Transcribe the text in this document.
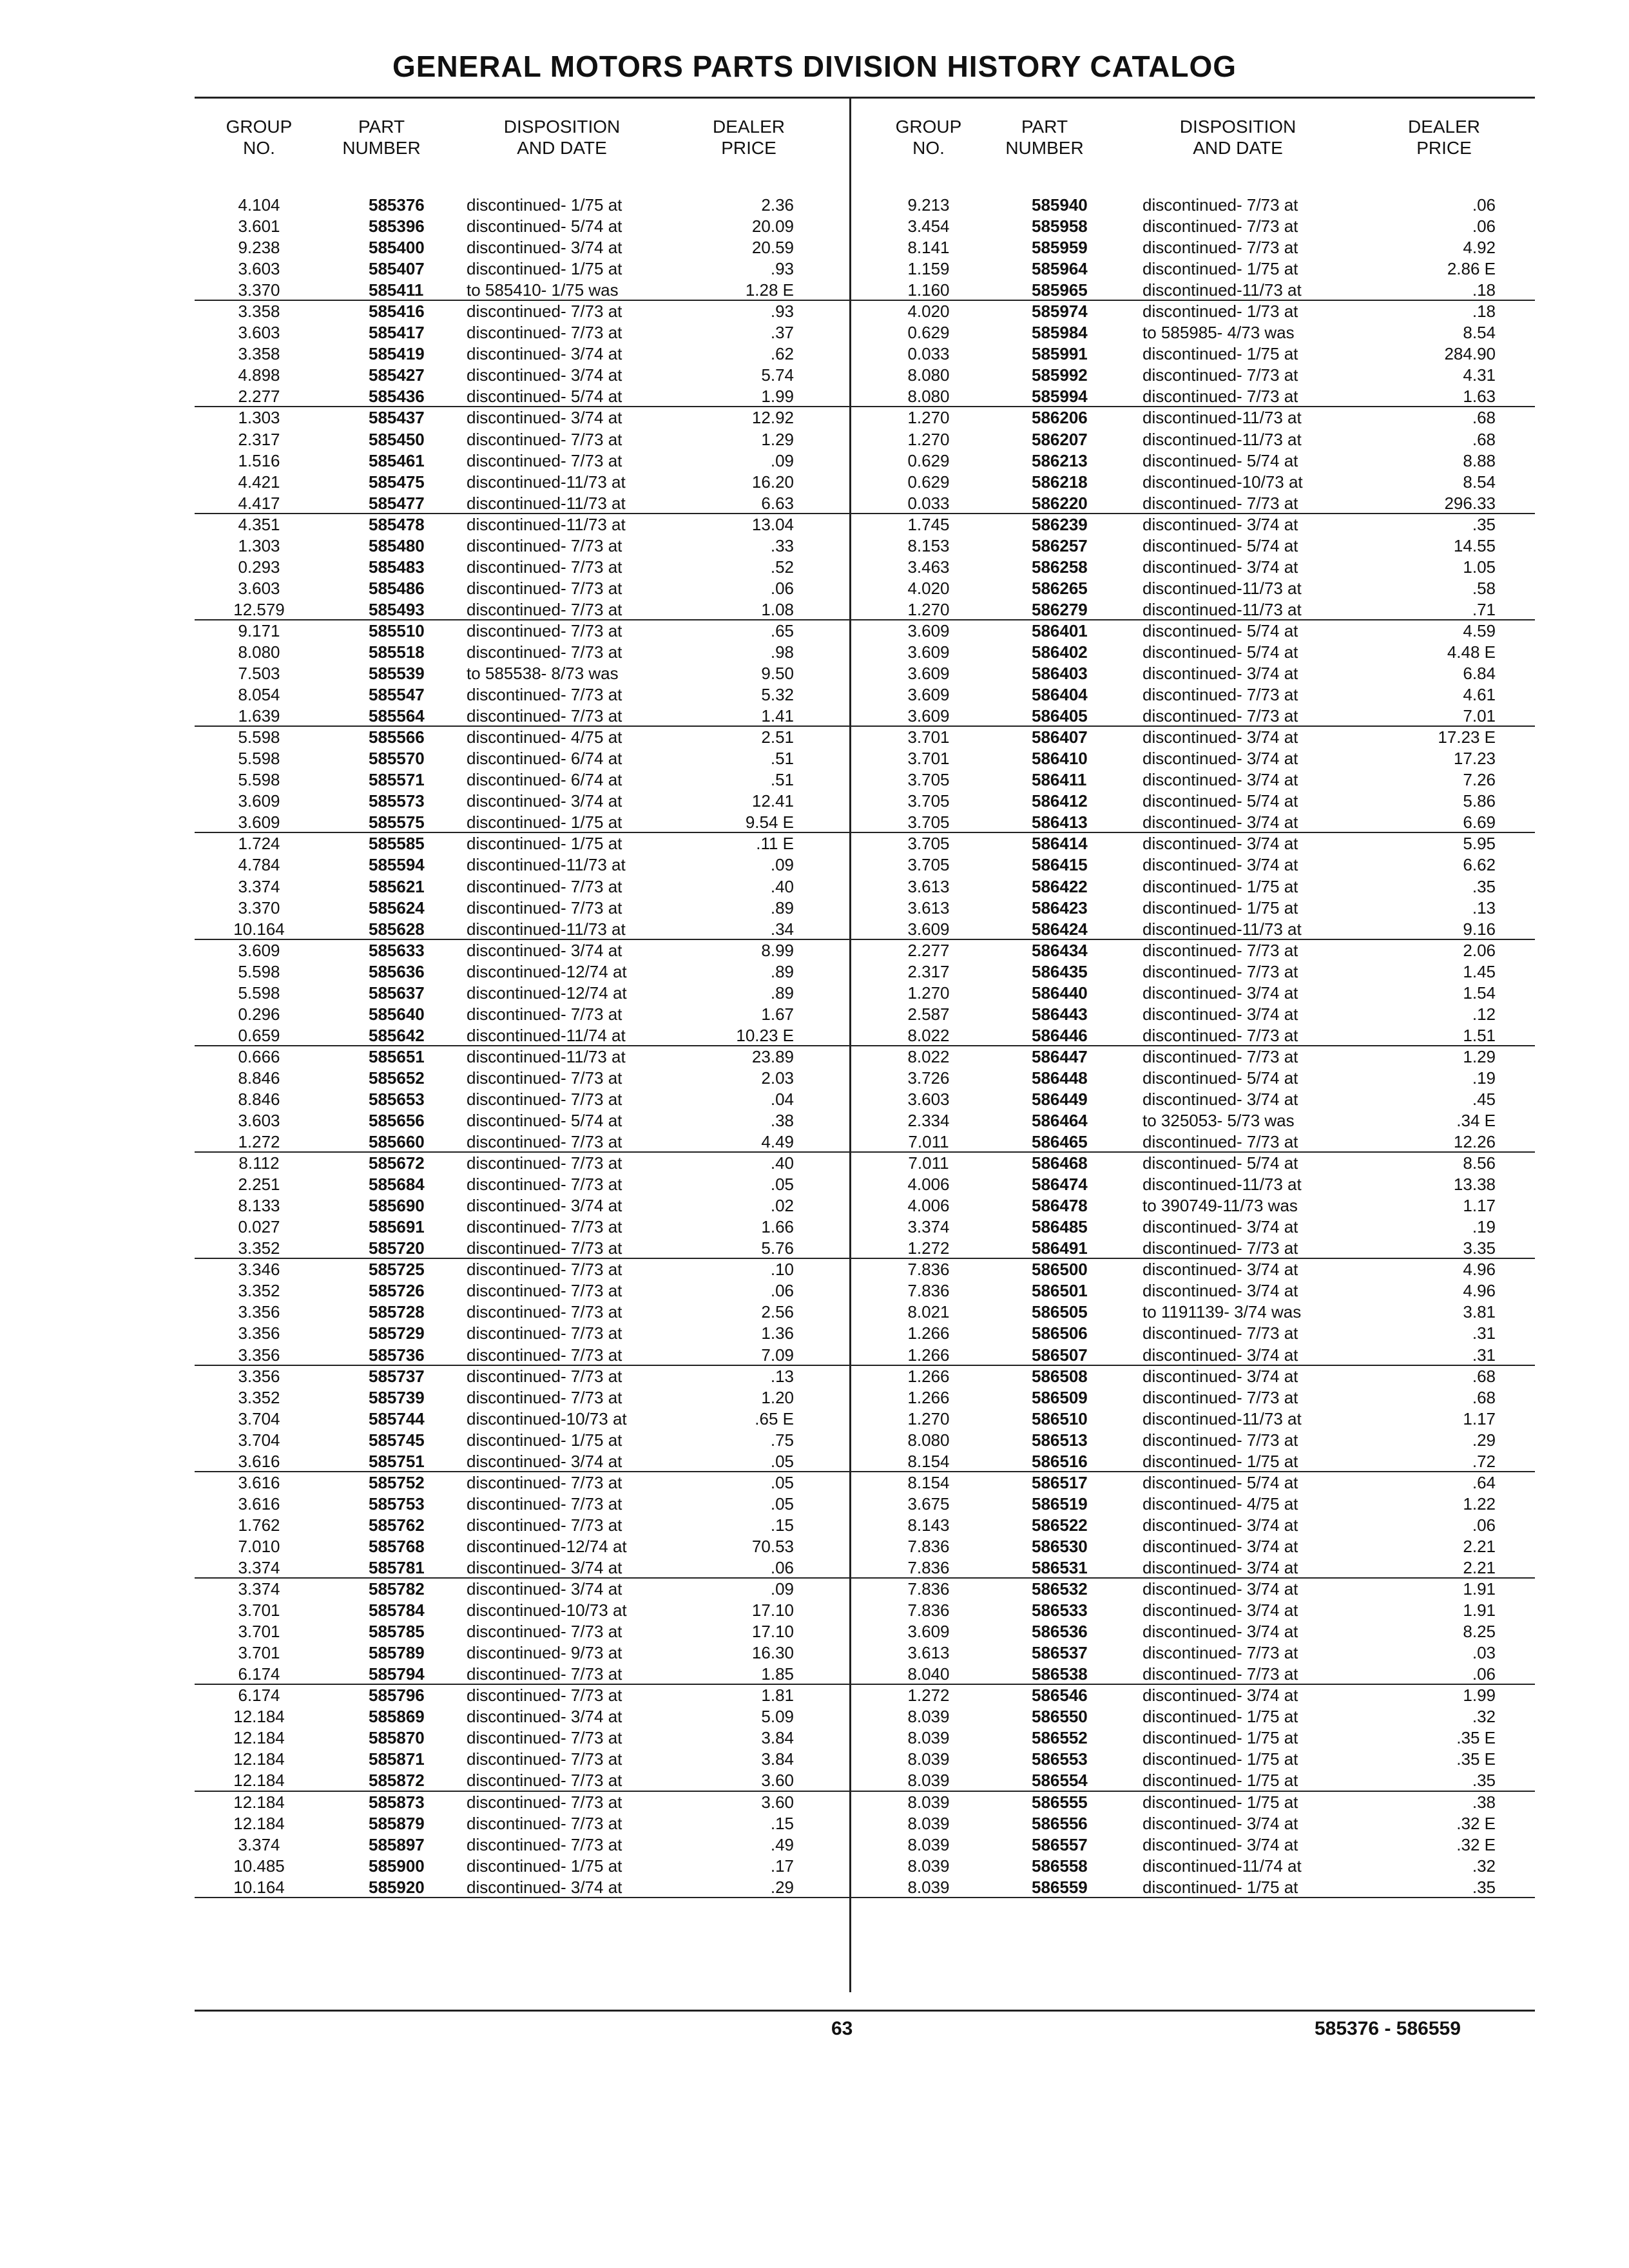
GENERAL MOTORS PARTS DIVISION HISTORY CATALOG
GROUP
NO.
PART
NUMBER
DISPOSITION
AND DATE
DEALER
PRICE
4.104	585376	discontinued- 1/75 at	2.36
3.601	585396	discontinued- 5/74 at	20.09
9.238	585400	discontinued- 3/74 at	20.59
3.603	585407	discontinued- 1/75 at	.93
3.370	585411	to 585410- 1/75 was	1.28 E
3.358	585416	discontinued- 7/73 at	.93
3.603	585417	discontinued- 7/73 at	.37
3.358	585419	discontinued- 3/74 at	.62
4.898	585427	discontinued- 3/74 at	5.74
2.277	585436	discontinued- 5/74 at	1.99
1.303	585437	discontinued- 3/74 at	12.92
2.317	585450	discontinued- 7/73 at	1.29
1.516	585461	discontinued- 7/73 at	.09
4.421	585475	discontinued-11/73 at	16.20
4.417	585477	discontinued-11/73 at	6.63
4.351	585478	discontinued-11/73 at	13.04
1.303	585480	discontinued- 7/73 at	.33
0.293	585483	discontinued- 7/73 at	.52
3.603	585486	discontinued- 7/73 at	.06
12.579	585493	discontinued- 7/73 at	1.08
9.171	585510	discontinued- 7/73 at	.65
8.080	585518	discontinued- 7/73 at	.98
7.503	585539	to 585538- 8/73 was	9.50
8.054	585547	discontinued- 7/73 at	5.32
1.639	585564	discontinued- 7/73 at	1.41
5.598	585566	discontinued- 4/75 at	2.51
5.598	585570	discontinued- 6/74 at	.51
5.598	585571	discontinued- 6/74 at	.51
3.609	585573	discontinued- 3/74 at	12.41
3.609	585575	discontinued- 1/75 at	9.54 E
1.724	585585	discontinued- 1/75 at	.11 E
4.784	585594	discontinued-11/73 at	.09
3.374	585621	discontinued- 7/73 at	.40
3.370	585624	discontinued- 7/73 at	.89
10.164	585628	discontinued-11/73 at	.34
3.609	585633	discontinued- 3/74 at	8.99
5.598	585636	discontinued-12/74 at	.89
5.598	585637	discontinued-12/74 at	.89
0.296	585640	discontinued- 7/73 at	1.67
0.659	585642	discontinued-11/74 at	10.23 E
0.666	585651	discontinued-11/73 at	23.89
8.846	585652	discontinued- 7/73 at	2.03
8.846	585653	discontinued- 7/73 at	.04
3.603	585656	discontinued- 5/74 at	.38
1.272	585660	discontinued- 7/73 at	4.49
8.112	585672	discontinued- 7/73 at	.40
2.251	585684	discontinued- 7/73 at	.05
8.133	585690	discontinued- 3/74 at	.02
0.027	585691	discontinued- 7/73 at	1.66
3.352	585720	discontinued- 7/73 at	5.76
3.346	585725	discontinued- 7/73 at	.10
3.352	585726	discontinued- 7/73 at	.06
3.356	585728	discontinued- 7/73 at	2.56
3.356	585729	discontinued- 7/73 at	1.36
3.356	585736	discontinued- 7/73 at	7.09
3.356	585737	discontinued- 7/73 at	.13
3.352	585739	discontinued- 7/73 at	1.20
3.704	585744	discontinued-10/73 at	.65 E
3.704	585745	discontinued- 1/75 at	.75
3.616	585751	discontinued- 3/74 at	.05
3.616	585752	discontinued- 7/73 at	.05
3.616	585753	discontinued- 7/73 at	.05
1.762	585762	discontinued- 7/73 at	.15
7.010	585768	discontinued-12/74 at	70.53
3.374	585781	discontinued- 3/74 at	.06
3.374	585782	discontinued- 3/74 at	.09
3.701	585784	discontinued-10/73 at	17.10
3.701	585785	discontinued- 7/73 at	17.10
3.701	585789	discontinued- 9/73 at	16.30
6.174	585794	discontinued- 7/73 at	1.85
6.174	585796	discontinued- 7/73 at	1.81
12.184	585869	discontinued- 3/74 at	5.09
12.184	585870	discontinued- 7/73 at	3.84
12.184	585871	discontinued- 7/73 at	3.84
12.184	585872	discontinued- 7/73 at	3.60
12.184	585873	discontinued- 7/73 at	3.60
12.184	585879	discontinued- 7/73 at	.15
3.374	585897	discontinued- 7/73 at	.49
10.485	585900	discontinued- 1/75 at	.17
10.164	585920	discontinued- 3/74 at	.29
GROUP
NO.
PART
NUMBER
DISPOSITION
AND DATE
DEALER
PRICE
9.213	585940	discontinued- 7/73 at	.06
3.454	585958	discontinued- 7/73 at	.06
8.141	585959	discontinued- 7/73 at	4.92
1.159	585964	discontinued- 1/75 at	2.86 E
1.160	585965	discontinued-11/73 at	.18
4.020	585974	discontinued- 1/73 at	.18
0.629	585984	to 585985- 4/73 was	8.54
0.033	585991	discontinued- 1/75 at	284.90
8.080	585992	discontinued- 7/73 at	4.31
8.080	585994	discontinued- 7/73 at	1.63
1.270	586206	discontinued-11/73 at	.68
1.270	586207	discontinued-11/73 at	.68
0.629	586213	discontinued- 5/74 at	8.88
0.629	586218	discontinued-10/73 at	8.54
0.033	586220	discontinued- 7/73 at	296.33
1.745	586239	discontinued- 3/74 at	.35
8.153	586257	discontinued- 5/74 at	14.55
3.463	586258	discontinued- 3/74 at	1.05
4.020	586265	discontinued-11/73 at	.58
1.270	586279	discontinued-11/73 at	.71
3.609	586401	discontinued- 5/74 at	4.59
3.609	586402	discontinued- 5/74 at	4.48 E
3.609	586403	discontinued- 3/74 at	6.84
3.609	586404	discontinued- 7/73 at	4.61
3.609	586405	discontinued- 7/73 at	7.01
3.701	586407	discontinued- 3/74 at	17.23 E
3.701	586410	discontinued- 3/74 at	17.23
3.705	586411	discontinued- 3/74 at	7.26
3.705	586412	discontinued- 5/74 at	5.86
3.705	586413	discontinued- 3/74 at	6.69
3.705	586414	discontinued- 3/74 at	5.95
3.705	586415	discontinued- 3/74 at	6.62
3.613	586422	discontinued- 1/75 at	.35
3.613	586423	discontinued- 1/75 at	.13
3.609	586424	discontinued-11/73 at	9.16
2.277	586434	discontinued- 7/73 at	2.06
2.317	586435	discontinued- 7/73 at	1.45
1.270	586440	discontinued- 3/74 at	1.54
2.587	586443	discontinued- 3/74 at	.12
8.022	586446	discontinued- 7/73 at	1.51
8.022	586447	discontinued- 7/73 at	1.29
3.726	586448	discontinued- 5/74 at	.19
3.603	586449	discontinued- 3/74 at	.45
2.334	586464	to 325053- 5/73 was	.34 E
7.011	586465	discontinued- 7/73 at	12.26
7.011	586468	discontinued- 5/74 at	8.56
4.006	586474	discontinued-11/73 at	13.38
4.006	586478	to 390749-11/73 was	1.17
3.374	586485	discontinued- 3/74 at	.19
1.272	586491	discontinued- 7/73 at	3.35
7.836	586500	discontinued- 3/74 at	4.96
7.836	586501	discontinued- 3/74 at	4.96
8.021	586505	to 1191139- 3/74 was	3.81
1.266	586506	discontinued- 7/73 at	.31
1.266	586507	discontinued- 3/74 at	.31
1.266	586508	discontinued- 3/74 at	.68
1.266	586509	discontinued- 7/73 at	.68
1.270	586510	discontinued-11/73 at	1.17
8.080	586513	discontinued- 7/73 at	.29
8.154	586516	discontinued- 1/75 at	.72
8.154	586517	discontinued- 5/74 at	.64
3.675	586519	discontinued- 4/75 at	1.22
8.143	586522	discontinued- 3/74 at	.06
7.836	586530	discontinued- 3/74 at	2.21
7.836	586531	discontinued- 3/74 at	2.21
7.836	586532	discontinued- 3/74 at	1.91
7.836	586533	discontinued- 3/74 at	1.91
3.609	586536	discontinued- 3/74 at	8.25
3.613	586537	discontinued- 7/73 at	.03
8.040	586538	discontinued- 7/73 at	.06
1.272	586546	discontinued- 3/74 at	1.99
8.039	586550	discontinued- 1/75 at	.32
8.039	586552	discontinued- 1/75 at	.35 E
8.039	586553	discontinued- 1/75 at	.35 E
8.039	586554	discontinued- 1/75 at	.35
8.039	586555	discontinued- 1/75 at	.38
8.039	586556	discontinued- 3/74 at	.32 E
8.039	586557	discontinued- 3/74 at	.32 E
8.039	586558	discontinued-11/74 at	.32
8.039	586559	discontinued- 1/75 at	.35
63	585376 - 586559
